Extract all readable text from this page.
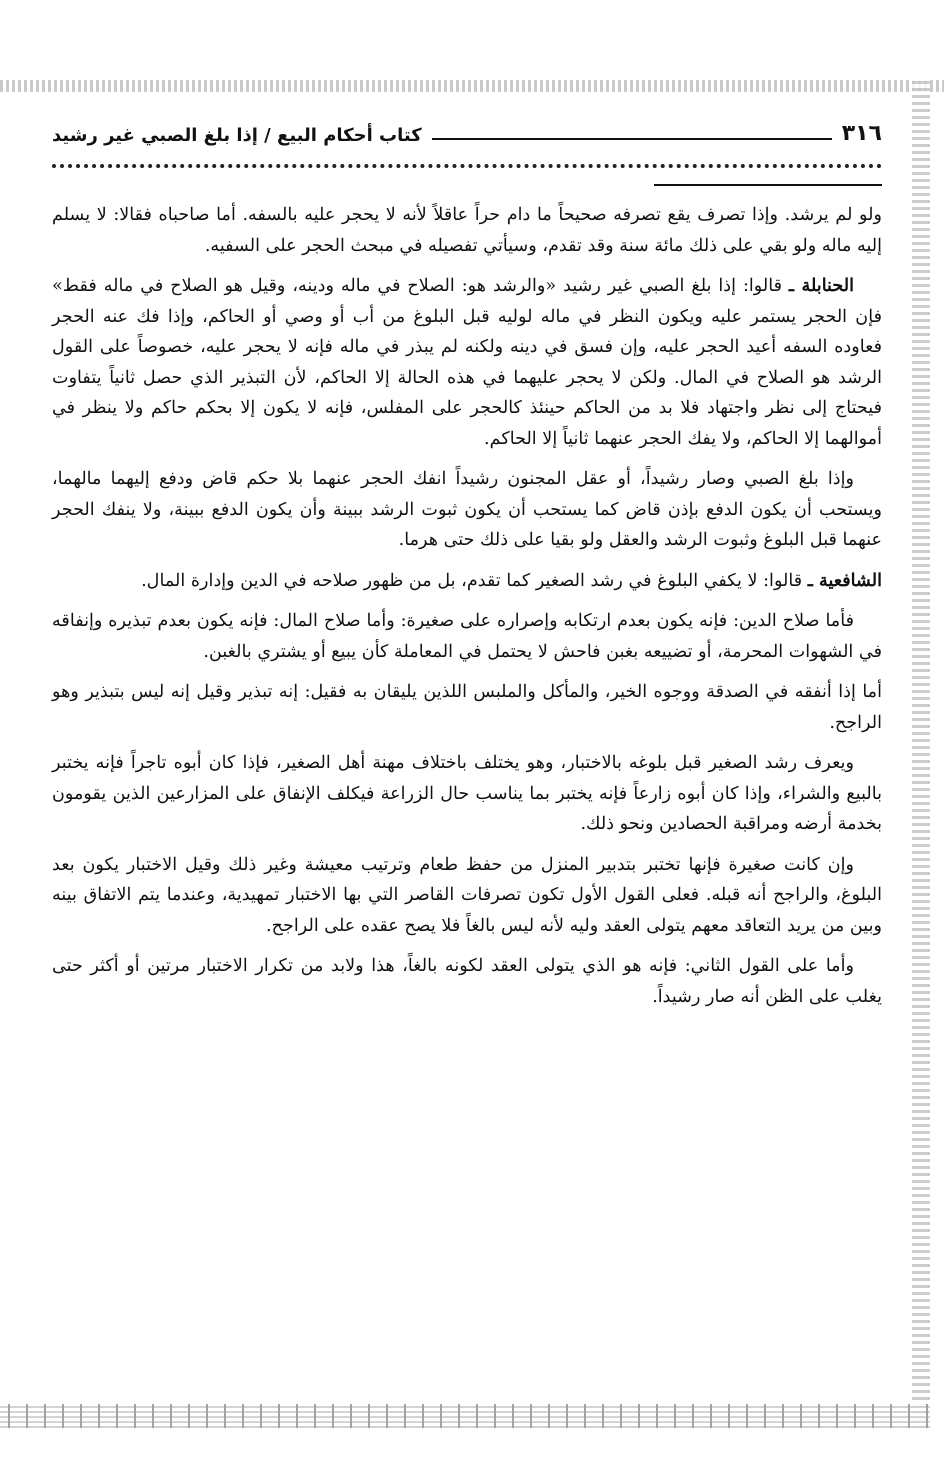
٣١٦
كتاب أحكام البيع / إذا بلغ الصبي غير رشيد

ولو لم يرشد. وإذا تصرف يقع تصرفه صحيحاً ما دام حراً عاقلاً لأنه لا يحجر عليه بالسفه. أما صاحباه فقالا: لا يسلم إليه ماله ولو بقي على ذلك مائة سنة وقد تقدم، وسيأتي تفصيله في مبحث الحجر على السفيه.

الحنابلة ـ قالوا: إذا بلغ الصبي غير رشيد «والرشد هو: الصلاح في ماله ودينه، وقيل هو الصلاح في ماله فقط» فإن الحجر يستمر عليه ويكون النظر في ماله لوليه قبل البلوغ من أب أو وصي أو الحاكم، وإذا فك عنه الحجر فعاوده السفه أعيد الحجر عليه، وإن فسق في دينه ولكنه لم يبذر في ماله فإنه لا يحجر عليه، خصوصاً على القول الرشد هو الصلاح في المال. ولكن لا يحجر عليهما في هذه الحالة إلا الحاكم، لأن التبذير الذي حصل ثانياً يتفاوت فيحتاج إلى نظر واجتهاد فلا بد من الحاكم حينئذ كالحجر على المفلس، فإنه لا يكون إلا بحكم حاكم ولا ينظر في أموالهما إلا الحاكم، ولا يفك الحجر عنهما ثانياً إلا الحاكم.

وإذا بلغ الصبي وصار رشيداً، أو عقل المجنون رشيداً انفك الحجر عنهما بلا حكم قاض ودفع إليهما مالهما، ويستحب أن يكون الدفع بإذن قاض كما يستحب أن يكون ثبوت الرشد ببينة وأن يكون الدفع ببينة، ولا ينفك الحجر عنهما قبل البلوغ وثبوت الرشد والعقل ولو بقيا على ذلك حتى هرما.

الشافعية ـ قالوا: لا يكفي البلوغ في رشد الصغير كما تقدم، بل من ظهور صلاحه في الدين وإدارة المال.

فأما صلاح الدين: فإنه يكون بعدم ارتكابه وإصراره على صغيرة: وأما صلاح المال: فإنه يكون بعدم تبذيره وإنفاقه في الشهوات المحرمة، أو تضييعه بغبن فاحش لا يحتمل في المعاملة كأن يبيع أو يشتري بالغبن.

أما إذا أنفقه في الصدقة ووجوه الخير، والمأكل والملبس اللذين يليقان به فقيل: إنه تبذير وقيل إنه ليس بتبذير وهو الراجح.

ويعرف رشد الصغير قبل بلوغه بالاختبار، وهو يختلف باختلاف مهنة أهل الصغير، فإذا كان أبوه تاجراً فإنه يختبر بالبيع والشراء، وإذا كان أبوه زارعاً فإنه يختبر بما يناسب حال الزراعة فيكلف الإنفاق على المزارعين الذين يقومون بخدمة أرضه ومراقبة الحصادين ونحو ذلك.

وإن كانت صغيرة فإنها تختبر بتدبير المنزل من حفظ طعام وترتيب معيشة وغير ذلك وقيل الاختبار يكون بعد البلوغ، والراجح أنه قبله. فعلى القول الأول تكون تصرفات القاصر التي بها الاختبار تمهيدية، وعندما يتم الاتفاق بينه وبين من يريد التعاقد معهم يتولى العقد وليه لأنه ليس بالغاً فلا يصح عقده على الراجح.

وأما على القول الثاني: فإنه هو الذي يتولى العقد لكونه بالغاً، هذا ولابد من تكرار الاختبار مرتين أو أكثر حتى يغلب على الظن أنه صار رشيداً.
